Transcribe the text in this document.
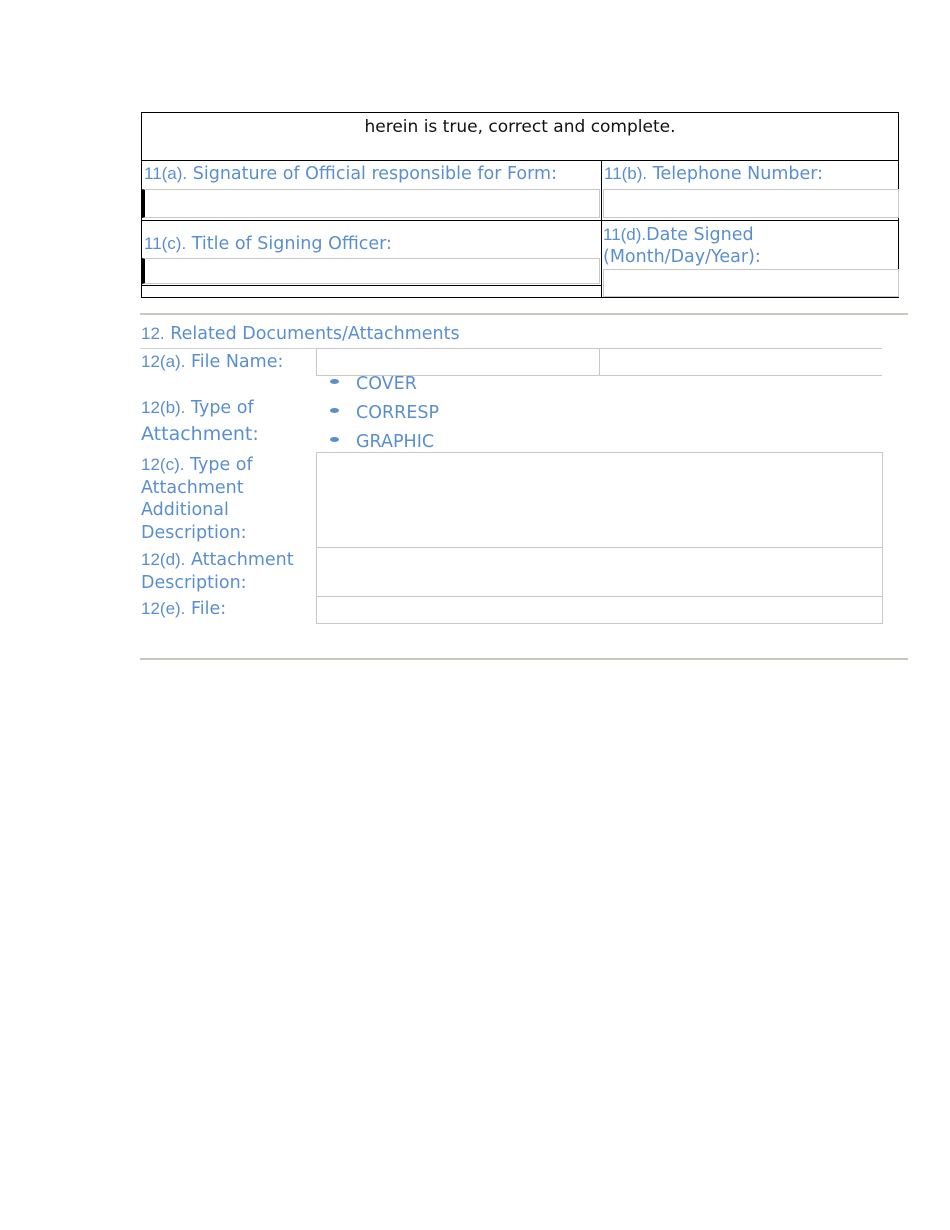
herein is true, correct and complete.
11(a). Signature of Official responsible for Form:	11(b). Telephone Number:
11(c). Title of Signing Officer:	11(d).Date Signed
(Month/Day/Year):
12. Related Documents/Attachments
12(a). File Name:
12(b). Type of
Attachment:
COVER
CORRESP
GRAPHIC
12(c). Type of
Attachment
Additional
Description:
12(d). Attachment
Description:
12(e). File:
